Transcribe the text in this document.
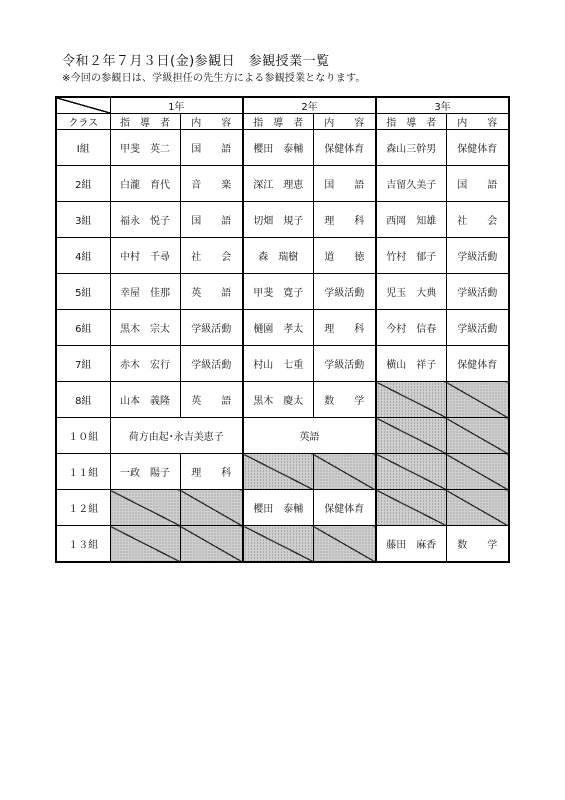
令和２年７月３日(金)参観日　参観授業一覧
※今回の参観日は、学級担任の先生方による参観授業となります。
	1年		2年		3年	
クラス	指　導　者	内　　容	指　導　者	内　　容	指　導　者	内　　容
Ⅰ組	甲斐　英二	国　　語	櫻田　泰輔	保健体育	森山三幹男	保健体育
2組	白瀧　育代	音　　楽	深江　理恵	国　　語	吉留久美子	国　　語
3組	福永　悦子	国　　語	切畑　規子	理　　科	西岡　知雄	社　　会
4組	中村　千尋	社　　会	森　瑞樹	道　　徳	竹村　郁子	学級活動
5組	幸屋　佳那	英　　語	甲斐　寛子	学級活動	児玉　大典	学級活動
6組	黒木　宗太	学級活動	樋園　孝太	理　　科	今村　信春	学級活動
7組	赤木　宏行	学級活動	村山　七重	学級活動	横山　祥子	保健体育
8組	山本　義隆	英　　語	黒木　慶太	数　　学		
１０組	荷方由起･永吉美恵子		英語			
１１組	一政　陽子	理　　科				
１２組			櫻田　泰輔	保健体育		
１３組					藤田　麻香	数　　学
